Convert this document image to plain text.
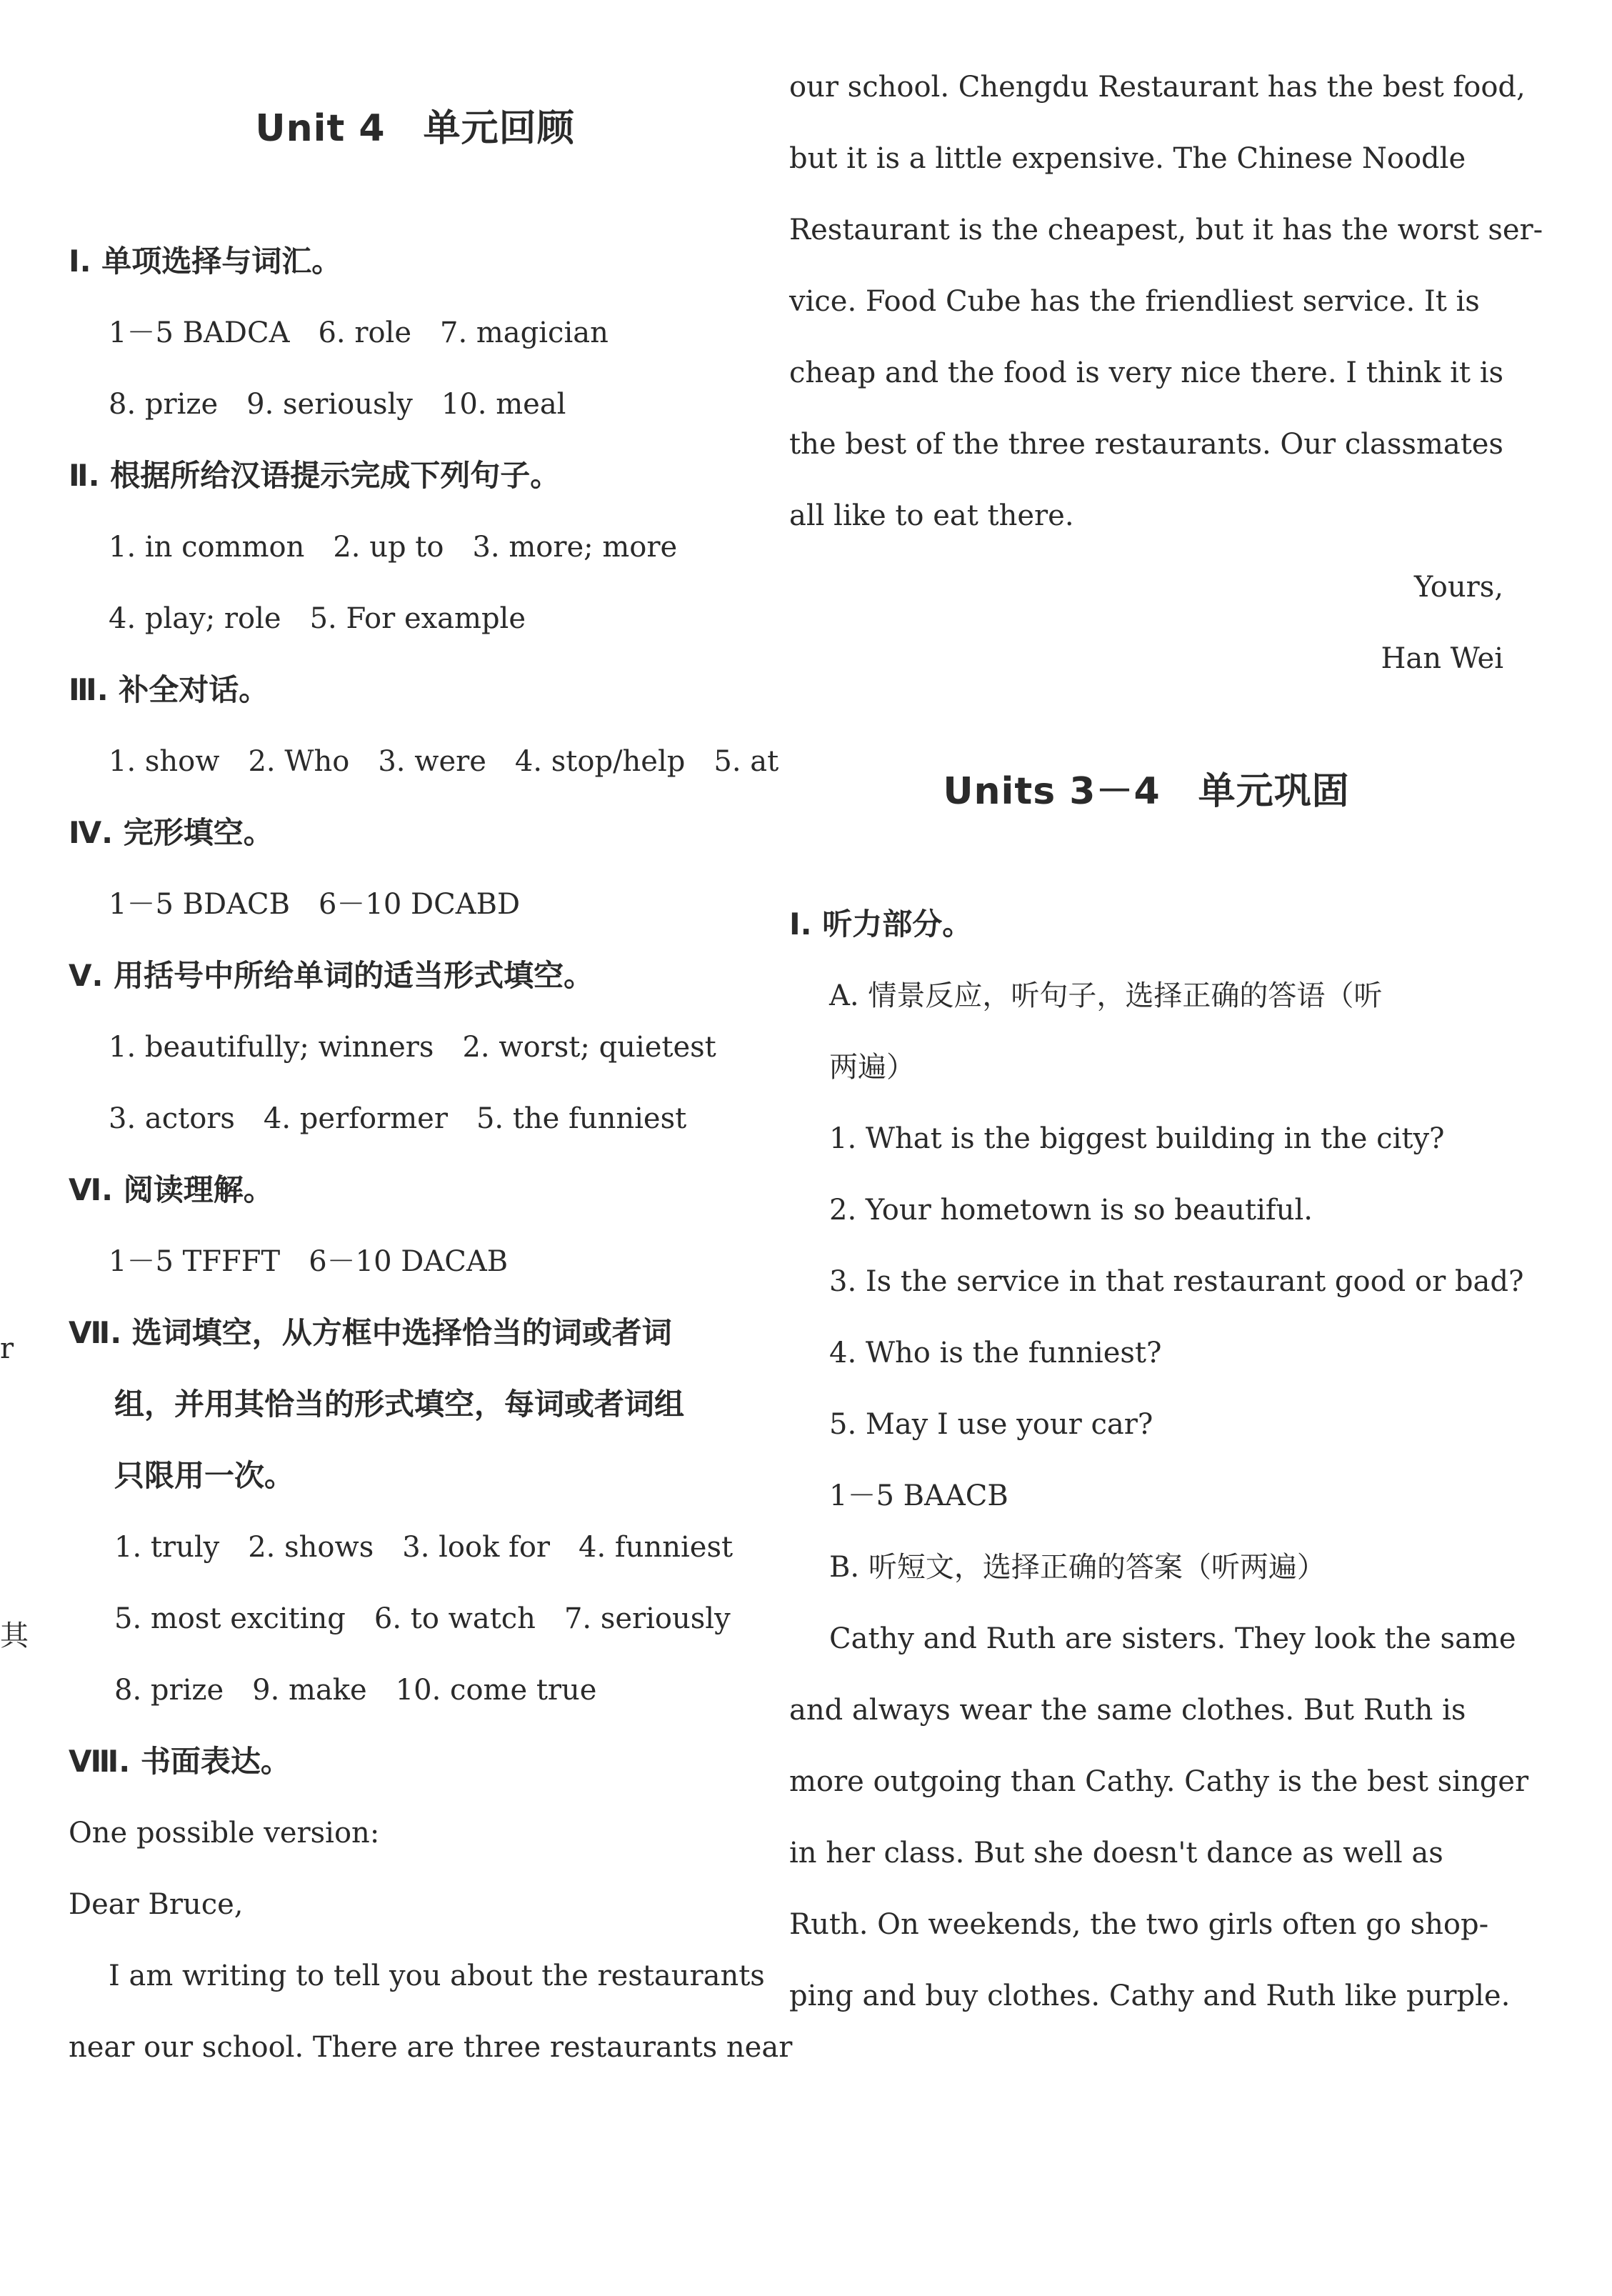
r
其
Unit 4　单元回顾
Ⅰ. 单项选择与词汇。
1－5 BADCA　6. role　7. magician
8. prize　9. seriously　10. meal
Ⅱ. 根据所给汉语提示完成下列句子。
1. in common　2. up to　3. more; more
4. play; role　5. For example
Ⅲ. 补全对话。
1. show　2. Who　3. were　4. stop/help　5. at
Ⅳ. 完形填空。
1－5 BDACB　6－10 DCABD
Ⅴ. 用括号中所给单词的适当形式填空。
1. beautifully; winners　2. worst; quietest
3. actors　4. performer　5. the funniest
Ⅵ. 阅读理解。
1－5 TFFFT　6－10 DACAB
Ⅶ. 选词填空，从方框中选择恰当的词或者词
组，并用其恰当的形式填空，每词或者词组
只限用一次。
1. truly　2. shows　3. look for　4. funniest
5. most exciting　6. to watch　7. seriously
8. prize　9. make　10. come true
Ⅷ. 书面表达。
One possible version:
Dear Bruce,
I am writing to tell you about the restaurants
near our school. There are three restaurants near
our school. Chengdu Restaurant has the best food,
but it is a little expensive. The Chinese Noodle
Restaurant is the cheapest, but it has the worst ser-
vice. Food Cube has the friendliest service. It is
cheap and the food is very nice there. I think it is
the best of the three restaurants. Our classmates
all like to eat there.
Yours,
Han Wei
Units 3－4　单元巩固
Ⅰ. 听力部分。
A. 情景反应，听句子，选择正确的答语（听
两遍）
1. What is the biggest building in the city?
2. Your hometown is so beautiful.
3. Is the service in that restaurant good or bad?
4. Who is the funniest?
5. May I use your car?
1－5 BAACB
B. 听短文，选择正确的答案（听两遍）
Cathy and Ruth are sisters. They look the same
and always wear the same clothes. But Ruth is
more outgoing than Cathy. Cathy is the best singer
in her class. But she doesn't dance as well as
Ruth. On weekends, the two girls often go shop-
ping and buy clothes. Cathy and Ruth like purple.
